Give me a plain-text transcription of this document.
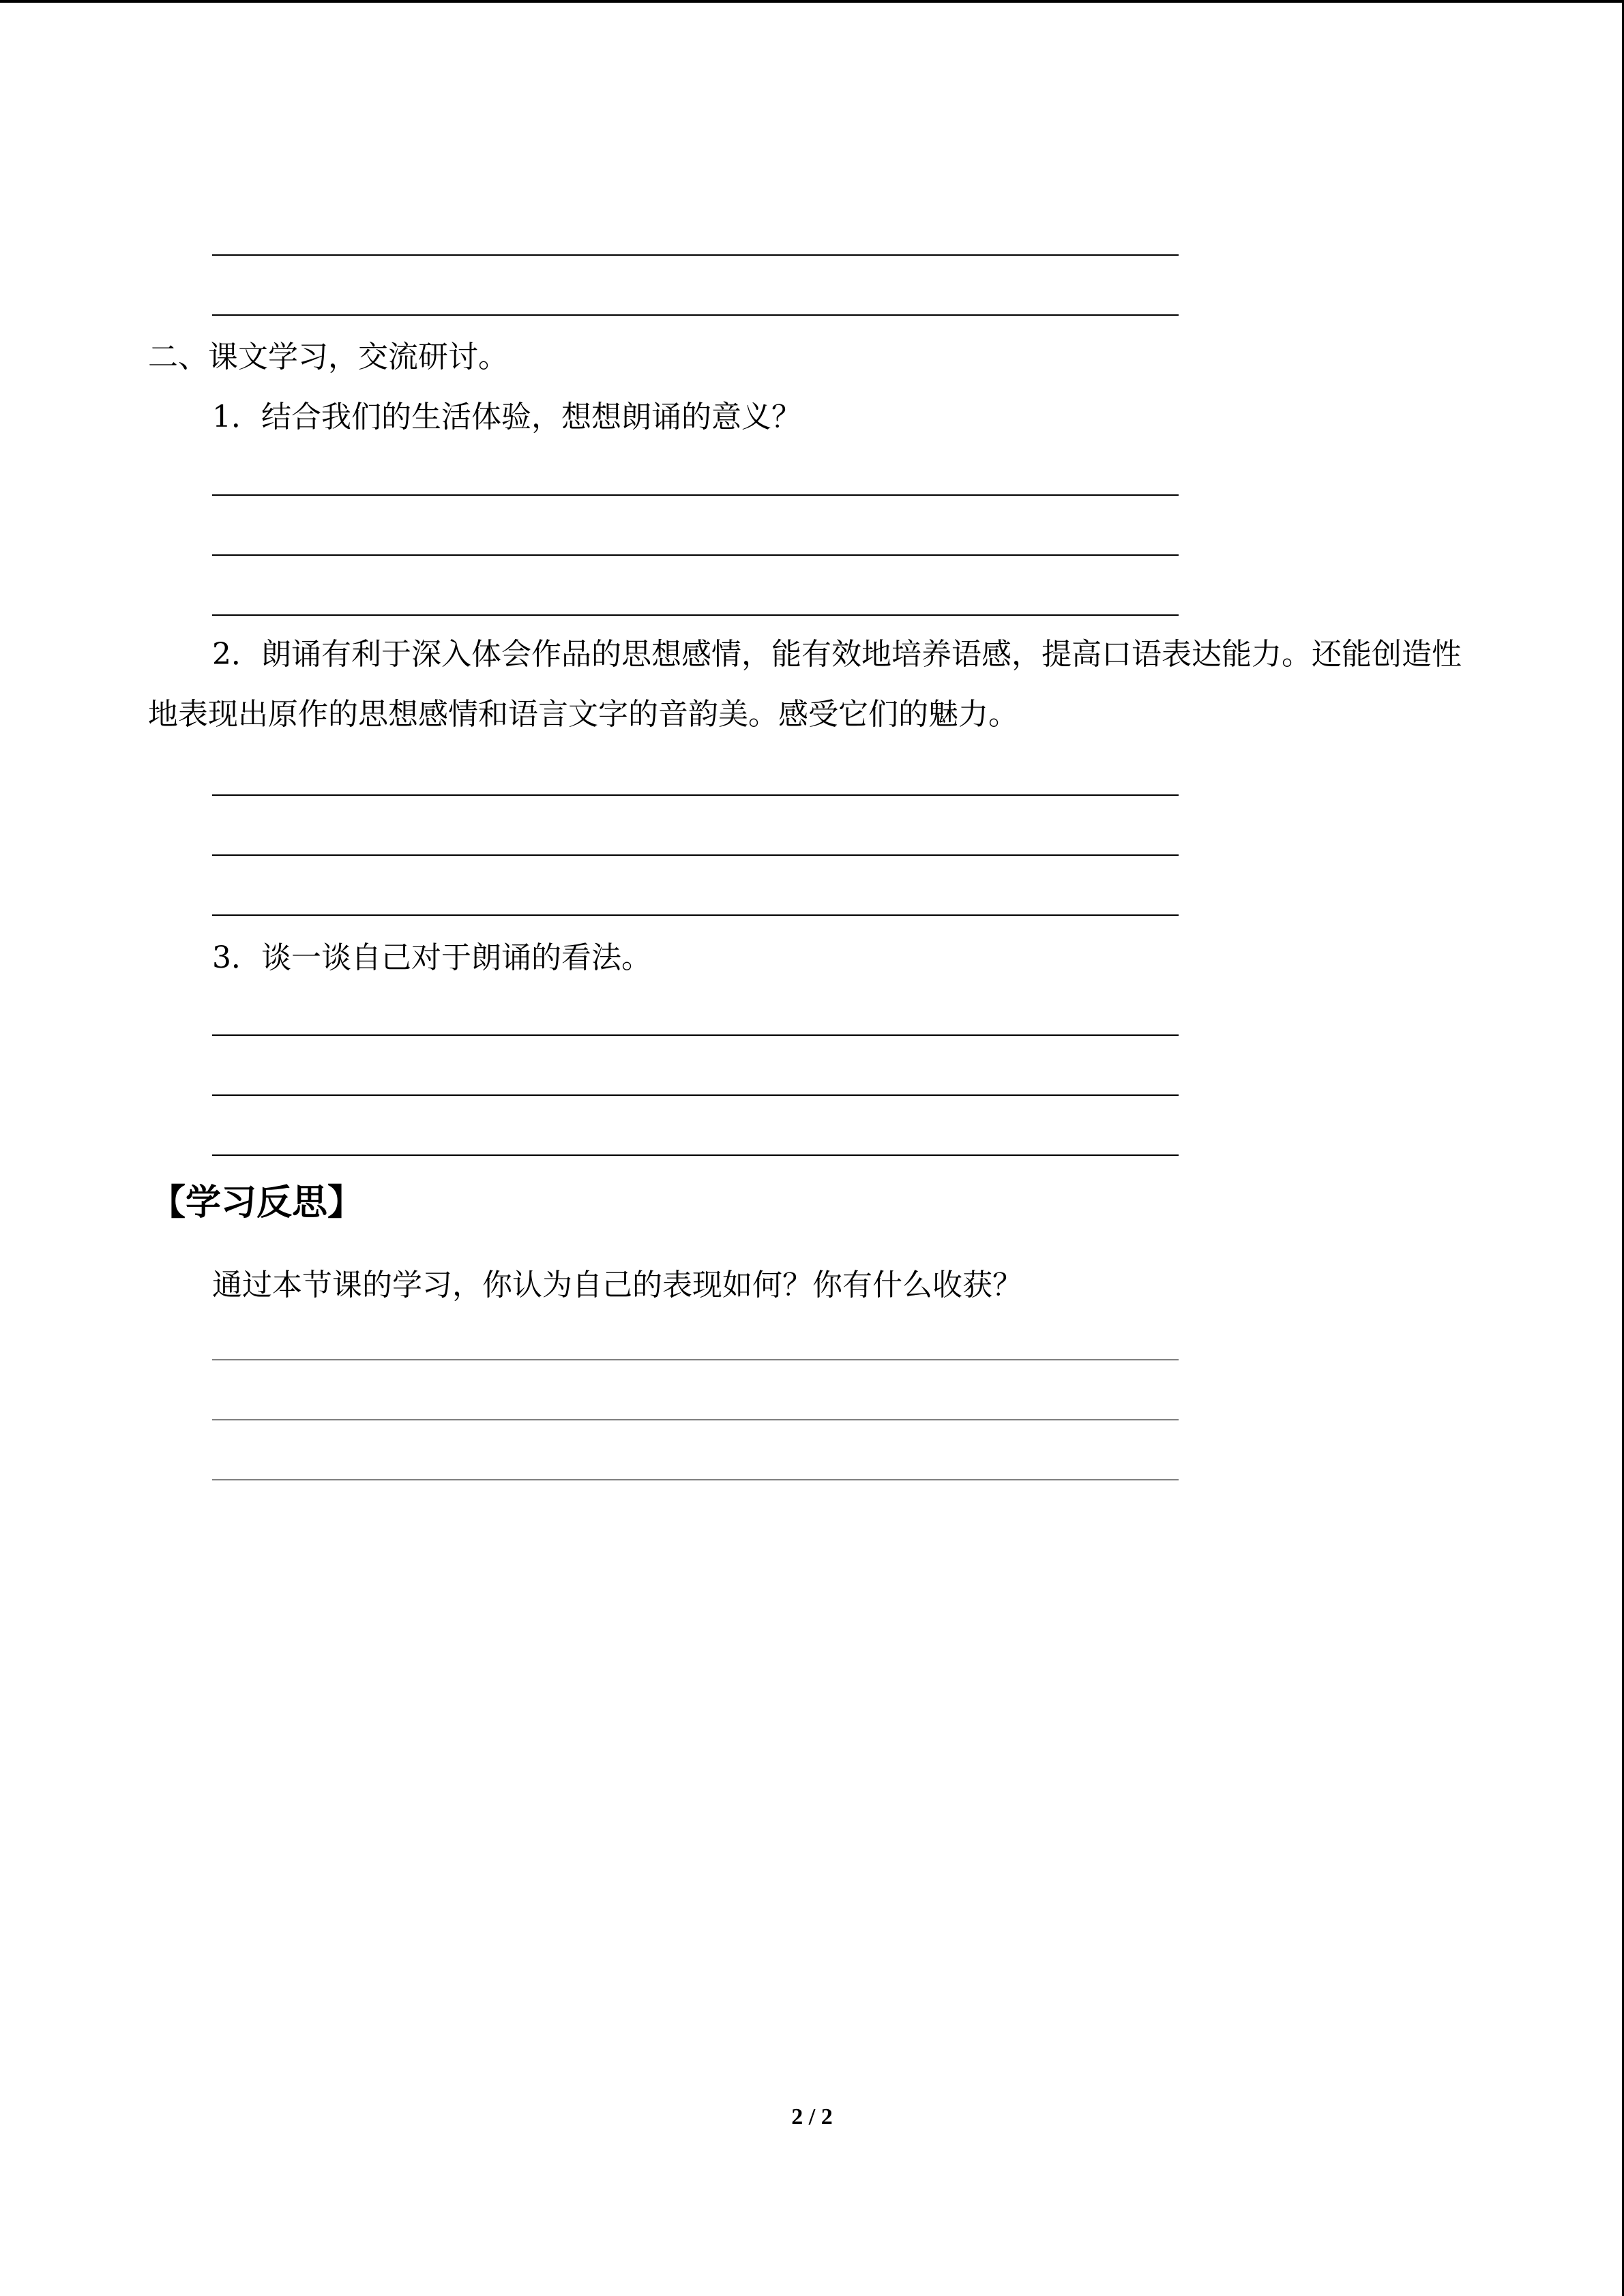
二、课文学习，交流研讨。
1．结合我们的生活体验，想想朗诵的意义？
2．朗诵有利于深入体会作品的思想感情，能有效地培养语感，提高口语表达能力。还能创造性地表现出原作的思想感情和语言文字的音韵美。感受它们的魅力。
3．谈一谈自己对于朗诵的看法。
【学习反思】
通过本节课的学习，你认为自己的表现如何？你有什么收获？
2 / 2
